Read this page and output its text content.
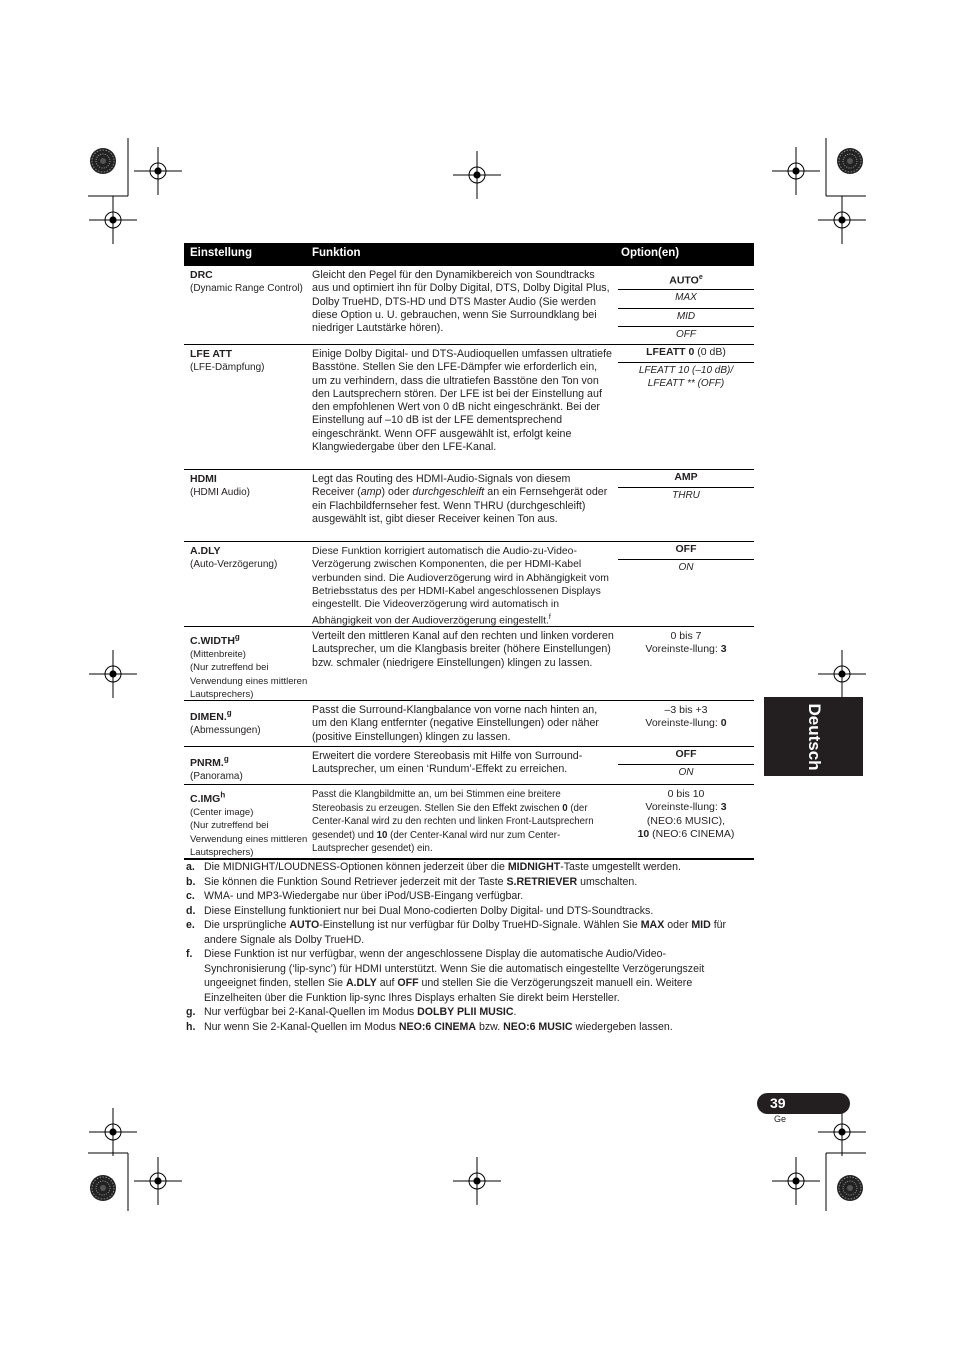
Einstellung	Funktion	Option(en)
DRC
(Dynamic Range Control)
Gleicht den Pegel für den Dynamikbereich von Soundtracks aus und optimiert ihn für Dolby Digital, DTS, Dolby Digital Plus, Dolby TrueHD, DTS-HD und DTS Master Audio (Sie werden diese Option u. U. gebrauchen, wenn Sie Surroundklang bei niedriger Lautstärke hören).
AUTO$^e$
MAX
MID
OFF
LFE ATT
(LFE-Dämpfung)
Einige Dolby Digital- und DTS-Audioquellen umfassen ultratiefe Basstöne. Stellen Sie den LFE-Dämpfer wie erforderlich ein, um zu verhindern, dass die ultratiefen Basstöne den Ton von den Lautsprechern stören. Der LFE ist bei der Einstellung auf den empfohlenen Wert von 0 dB nicht eingeschränkt. Bei der Einstellung auf –10 dB ist der LFE dementsprechend eingeschränkt. Wenn OFF ausgewählt ist, erfolgt keine Klangwiedergabe über den LFE-Kanal.
LFEATT 0 (0 dB)
LFEATT 10 (–10 dB)/
LFEATT ** (OFF)
HDMI
(HDMI Audio)
Legt das Routing des HDMI-Audio-Signals von diesem Receiver (amp) oder durchgeschleift an ein Fernsehgerät oder ein Flachbildfernseher fest. Wenn THRU (durchgeschleift) ausgewählt ist, gibt dieser Receiver keinen Ton aus.
AMP
THRU
A.DLY
(Auto-Verzögerung)
Diese Funktion korrigiert automatisch die Audio-zu-Video-Verzögerung zwischen Komponenten, die per HDMI-Kabel verbunden sind. Die Audioverzögerung wird in Abhängigkeit vom Betriebsstatus des per HDMI-Kabel angeschlossenen Displays eingestellt. Die Videoverzögerung wird automatisch in Abhängigkeit von der Audioverzögerung eingestellt.$^f$
OFF
ON
C.WIDTH$^g$
(Mittenbreite)
(Nur zutreffend bei Verwendung eines mittleren Lautsprechers)
Verteilt den mittleren Kanal auf den rechten und linken vorderen Lautsprecher, um die Klangbasis breiter (höhere Einstellungen) bzw. schmaler (niedrigere Einstellungen) klingen zu lassen.
0 bis 7
Voreinste-llung: 3
DIMEN.$^g$
(Abmessungen)
Passt die Surround-Klangbalance von vorne nach hinten an, um den Klang entfernter (negative Einstellungen) oder näher (positive Einstellungen) klingen zu lassen.
–3 bis +3
Voreinste-llung: 0
PNRM.$^g$
(Panorama)
Erweitert die vordere Stereobasis mit Hilfe von Surround-Lautsprecher, um einen ‘Rundum’-Effekt zu erreichen.
OFF
ON
C.IMG$^h$
(Center image)
(Nur zutreffend bei Verwendung eines mittleren Lautsprechers)
Passt die Klangbildmitte an, um bei Stimmen eine breitere Stereobasis zu erzeugen. Stellen Sie den Effekt zwischen 0 (der Center-Kanal wird zu den rechten und linken Front-Lautsprechern gesendet) und 10 (der Center-Kanal wird nur zum Center-Lautsprecher gesendet) ein.
0 bis 10
Voreinste-llung: 3
(NEO:6 MUSIC),
10 (NEO:6 CINEMA)
a. Die MIDNIGHT/LOUDNESS-Optionen können jederzeit über die MIDNIGHT-Taste umgestellt werden.
b. Sie können die Funktion Sound Retriever jederzeit mit der Taste S.RETRIEVER umschalten.
c. WMA- und MP3-Wiedergabe nur über iPod/USB-Eingang verfügbar.
d. Diese Einstellung funktioniert nur bei Dual Mono-codierten Dolby Digital- und DTS-Soundtracks.
e. Die ursprüngliche AUTO-Einstellung ist nur verfügbar für Dolby TrueHD-Signale. Wählen Sie MAX oder MID für andere Signale als Dolby TrueHD.
f. Diese Funktion ist nur verfügbar, wenn der angeschlossene Display die automatische Audio/Video-Synchronisierung (‘lip-sync’) für HDMI unterstützt. Wenn Sie die automatisch eingestellte Verzögerungszeit ungeeignet finden, stellen Sie A.DLY auf OFF und stellen Sie die Verzögerungszeit manuell ein. Weitere Einzelheiten über die Funktion lip-sync Ihres Displays erhalten Sie direkt beim Hersteller.
g. Nur verfügbar bei 2-Kanal-Quellen im Modus DOLBY PLII MUSIC.
h. Nur wenn Sie 2-Kanal-Quellen im Modus NEO:6 CINEMA bzw. NEO:6 MUSIC wiedergeben lassen.
Deutsch
39
Ge
